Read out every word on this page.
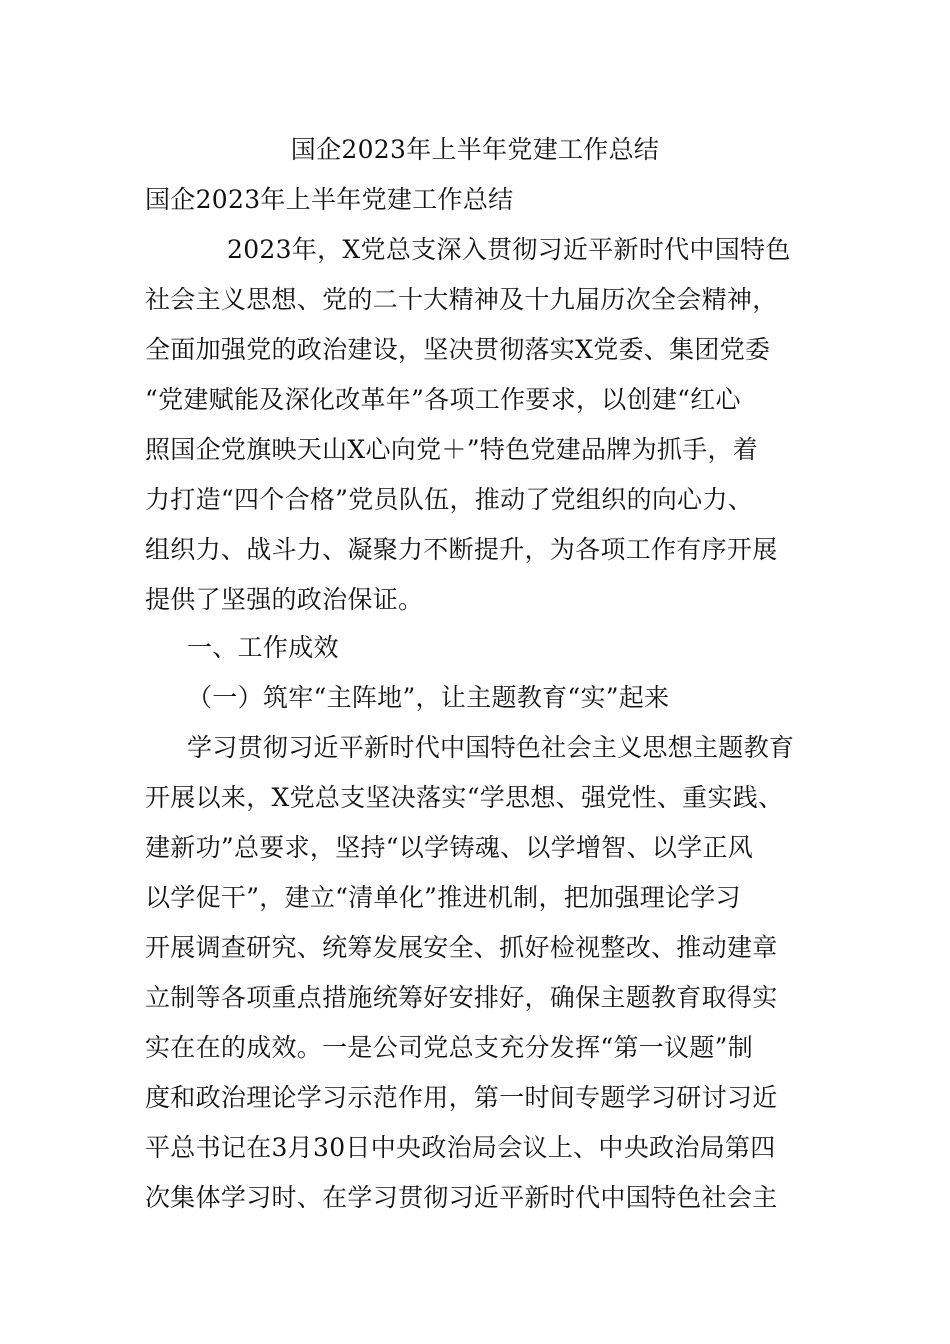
国企2023年上半年党建工作总结
国企2023年上半年党建工作总结
2023年，X党总支深入贯彻习近平新时代中国特色
社会主义思想、党的二十大精神及十九届历次全会精神，
全面加强党的政治建设，坚决贯彻落实X党委、集团党委
“党建赋能及深化改革年”各项工作要求，以创建“红心
照国企党旗映天山X心向党＋”特色党建品牌为抓手，着
力打造“四个合格”党员队伍，推动了党组织的向心力、
组织力、战斗力、凝聚力不断提升，为各项工作有序开展
提供了坚强的政治保证。
一、工作成效
（一）筑牢“主阵地”，让主题教育“实”起来
学习贯彻习近平新时代中国特色社会主义思想主题教育
开展以来，X党总支坚决落实“学思想、强党性、重实践、
建新功”总要求，坚持“以学铸魂、以学增智、以学正风
以学促干”，建立“清单化”推进机制，把加强理论学习
开展调查研究、统筹发展安全、抓好检视整改、推动建章
立制等各项重点措施统筹好安排好，确保主题教育取得实
实在在的成效。一是公司党总支充分发挥“第一议题”制
度和政治理论学习示范作用，第一时间专题学习研讨习近
平总书记在3月30日中央政治局会议上、中央政治局第四
次集体学习时、在学习贯彻习近平新时代中国特色社会主
